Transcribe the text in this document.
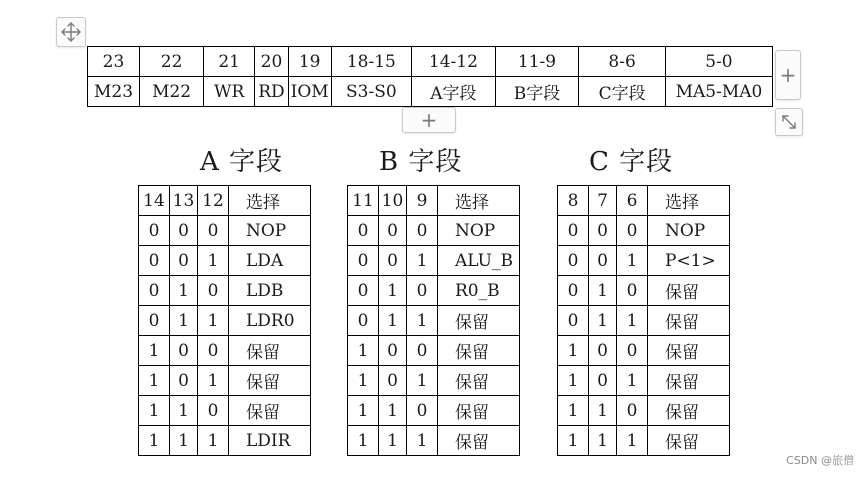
+
+
23	22	21	20	19	18-15	14-12	11-9	8-6	5-0
M23	M22	WR	RD	IOM	S3-S0	A字段	B字段	C字段	MA5-MA0
A 字段	B 字段	C 字段
14	13	12	选择
0	0	0	NOP
0	0	1	LDA
0	1	0	LDB
0	1	1	LDR0
1	0	0	保留
1	0	1	保留
1	1	0	保留
1	1	1	LDIR
11	10	9	选择
0	0	0	NOP
0	0	1	ALU_B
0	1	0	R0_B
0	1	1	保留
1	0	0	保留
1	0	1	保留
1	1	0	保留
1	1	1	保留
8	7	6	选择
0	0	0	NOP
0	0	1	P<1>
0	1	0	保留
0	1	1	保留
1	0	0	保留
1	0	1	保留
1	1	0	保留
1	1	1	保留
CSDN @旅僧
